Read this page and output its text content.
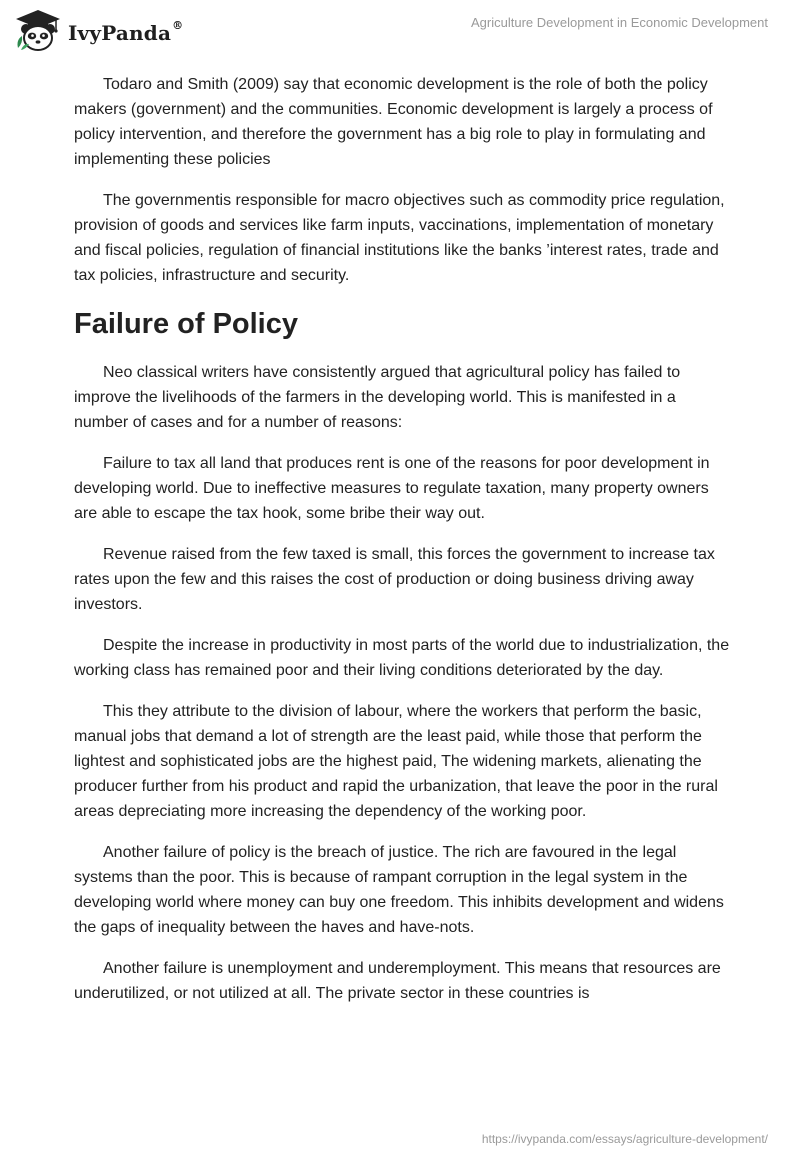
IvyPanda®	Agriculture Development in Economic Development

Todaro and Smith (2009) say that economic development is the role of both the policy makers (government) and the communities. Economic development is largely a process of policy intervention, and therefore the government has a big role to play in formulating and implementing these policies

The governmentis responsible for macro objectives such as commodity price regulation, provision of goods and services like farm inputs, vaccinations, implementation of monetary and fiscal policies, regulation of financial institutions like the banks ’interest rates, trade and tax policies, infrastructure and security.

Failure of Policy

Neo classical writers have consistently argued that agricultural policy has failed to improve the livelihoods of the farmers in the developing world. This is manifested in a number of cases and for a number of reasons:

Failure to tax all land that produces rent is one of the reasons for poor development in developing world. Due to ineffective measures to regulate taxation, many property owners are able to escape the tax hook, some bribe their way out.

Revenue raised from the few taxed is small, this forces the government to increase tax rates upon the few and this raises the cost of production or doing business driving away investors.

Despite the increase in productivity in most parts of the world due to industrialization, the working class has remained poor and their living conditions deteriorated by the day.

This they attribute to the division of labour, where the workers that perform the basic, manual jobs that demand a lot of strength are the least paid, while those that perform the lightest and sophisticated jobs are the highest paid, The widening markets, alienating the producer further from his product and rapid the urbanization, that leave the poor in the rural areas depreciating more increasing the dependency of the working poor.

Another failure of policy is the breach of justice. The rich are favoured in the legal systems than the poor. This is because of rampant corruption in the legal system in the developing world where money can buy one freedom. This inhibits development and widens the gaps of inequality between the haves and have-nots.

Another failure is unemployment and underemployment. This means that resources are underutilized, or not utilized at all. The private sector in these countries is

https://ivypanda.com/essays/agriculture-development/
